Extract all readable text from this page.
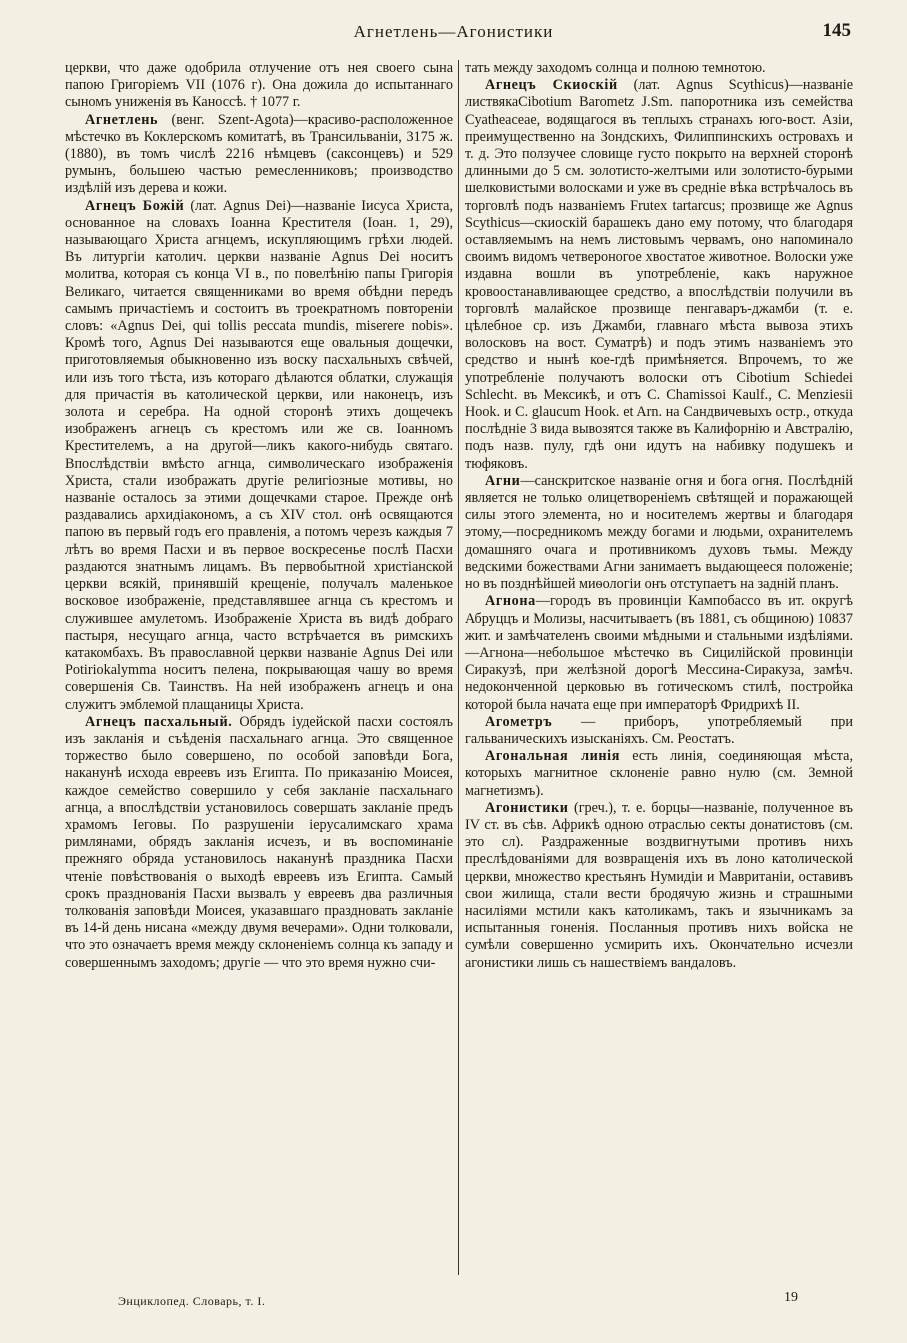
Агнетлень—Агонистики	145

церкви, что даже одобрила отлучение отъ нея своего сына папою Григорiемъ VII (1076 г). Она дожила до испытаннаго сыномъ униженiя въ Каноссѣ. † 1077 г.

Агнетлень (венг. Szent-Agota)—красиво-расположенное мѣстечко въ Коклерскомъ комитатѣ, въ Трансильванiи, 3175 ж. (1880), въ томъ числѣ 2216 нѣмцевъ (саксонцевъ) и 529 румынъ, большею частью ремесленниковъ; производство издѣлiй изъ дерева и кожи.

Агнецъ Божiй (лат. Agnus Dei)—названiе Iисуса Христа, основанное на словахъ Iоанна Крестителя (Iоан. 1, 29), называющаго Христа агнцемъ, искупляющимъ грѣхи людей. Въ литургiи католич. церкви названiе Agnus Dei носитъ молитва, которая съ конца VI в., по повелѣнiю папы Григорiя Великаго, читается священниками во время обѣдни передъ самымъ причастiемъ и состоитъ въ троекратномъ повторенiи словъ: «Agnus Dei, qui tollis peccata mundis, miserere nobis». Кромѣ того, Agnus Dei называются еще овальныя дощечки, приготовляемыя обыкновенно изъ воску пасхальныхъ свѣчей, или изъ того тѣста, изъ котораго дѣлаются облатки, служащiя для причастiя въ католической церкви, или наконецъ, изъ золота и серебра. На одной сторонѣ этихъ дощечекъ изображенъ агнецъ съ крестомъ или же св. Iоанномъ Крестителемъ, а на другой—ликъ какого-нибудь святаго. Впослѣдствiи вмѣсто агнца, символическаго изображенiя Христа, стали изображать другiе религiозные мотивы, но названiе осталось за этими дощечками старое. Прежде онѣ раздавались архидiакономъ, а съ XIV стол. онѣ освящаются папою въ первый годъ его правленiя, а потомъ черезъ каждыя 7 лѣтъ во время Пасхи и въ первое воскресенье послѣ Пасхи раздаются знатнымъ лицамъ. Въ первобытной христiанской церкви всякiй, принявшiй крещенiе, получалъ маленькое восковое изображенiе, представлявшее агнца съ крестомъ и служившее амулетомъ. Изображенiе Христа въ видѣ добраго пастыря, несущаго агнца, часто встрѣчается въ римскихъ катакомбахъ. Въ православной церкви названiе Agnus Dei или Potiriokalymma носитъ пелена, покрывающая чашу во время совершенiя Св. Таинствъ. На ней изображенъ агнецъ и она служитъ эмблемой плащаницы Христа.

Агнецъ пасхальный. Обрядъ iудейской пасхи состоялъ изъ закланiя и съѣденiя пасхальнаго агнца. Это священное торжество было совершено, по особой заповѣди Бога, наканунѣ исхода евреевъ изъ Египта. По приказанiю Моисея, каждое семейство совершило у себя закланiе пасхальнаго агнца, а впослѣдствiи установилось совершать закланiе предъ храмомъ Iеговы. По разрушенiи iерусалимскаго храма римлянами, обрядъ закланiя исчезъ, и въ воспоминанiе прежняго обряда установилось наканунѣ праздника Пасхи чтенiе повѣствованiя о выходѣ евреевъ изъ Египта. Самый срокъ празднованiя Пасхи вызвалъ у евреевъ два различныя толкованiя заповѣди Моисея, указавшаго праздновать закланiе въ 14-й день нисана «между двумя вечерами». Одни толковали, что это означаетъ время между склоненiемъ солнца къ западу и совершеннымъ заходомъ; другiе — что это время нужно счи-

тать между заходомъ солнца и полною темнотою.

Агнецъ Скиоскiй (лат. Agnus Scythicus)—названiе листвякаCibotium Barometz J.Sm. папоротника изъ семейства Cyatheaceae, водящагося въ теплыхъ странахъ юго-вост. Азiи, преимущественно на Зондскихъ, Филиппинскихъ островахъ и т. д. Это ползучее словище густо покрыто на верхней сторонѣ длинными до 5 см. золотисто-желтыми или золотисто-бурыми шелковистыми волосками и уже въ среднiе вѣка встрѣчалось въ торговлѣ подъ названiемъ Frutex tartarcus; прозвище же Agnus Scythicus—скиоскiй барашекъ дано ему потому, что благодаря оставляемымъ на немъ листовымъ червамъ, оно напоминало своимъ видомъ четвероногое хвостатое животное. Волоски уже издавна вошли въ употребленiе, какъ наружное кровоостанавливающее средство, а впослѣдствiи получили въ торговлѣ малайское прозвище пенгаваръ-джамби (т. е. цѣлебное ср. изъ Джамби, главнаго мѣста вывоза этихъ волосковъ на вост. Суматрѣ) и подъ этимъ названiемъ это средство и нынѣ кое-гдѣ примѣняется. Впрочемъ, то же употребленiе получаютъ волоски отъ Cibotium Schiedei Schlecht. въ Мексикѣ, и отъ C. Chamissoi Kaulf., C. Menziesii Hook. и C. glaucum Hook. et Arn. на Сандвичевыхъ остр., откуда послѣднiе 3 вида вывозятся также въ Калифорнiю и Австралiю, подъ назв. пулу, гдѣ они идутъ на набивку подушекъ и тюфяковъ.

Агни—санскритское названiе огня и бога огня. Послѣднiй является не только олицетворенiемъ свѣтящей и поражающей силы этого элемента, но и носителемъ жертвы и благодаря этому,—посредникомъ между богами и людьми, охранителемъ домашняго очага и противникомъ духовъ тьмы. Между ведскими божествами Агни занимаетъ выдающееся положенiе; но въ позднѣйшей миѳологiи онъ отступаетъ на заднiй планъ.

Агнона—городъ въ провинцiи Кампобассо въ ит. округѣ Абруццъ и Молизы, насчитываетъ (въ 1881, съ общиною) 10837 жит. и замѣчателенъ своими мѣдными и стальными издѣлiями.—Агнона—небольшое мѣстечко въ Сицилiйской провинцiи Сиракузѣ, при желѣзной дорогѣ Мессина-Сиракуза, замѣч. недоконченной церковью въ готическомъ стилѣ, постройка которой была начата еще при императорѣ Фридрихѣ II.

Агометръ — приборъ, употребляемый при гальваническихъ изысканiяхъ. См. Реостатъ.

Агональная линiя есть линiя, соединяющая мѣста, которыхъ магнитное склоненiе равно нулю (см. Земной магнетизмъ).

Агонистики (греч.), т. е. борцы—названiе, полученное въ IV ст. въ сѣв. Африкѣ одною отраслью секты донатистовъ (см. это сл). Раздраженные воздвигнутыми противъ нихъ преслѣдованiями для возвращенiя ихъ въ лоно католической церкви, множество крестьянъ Нумидiи и Мавританiи, оставивъ свои жилища, стали вести бродячую жизнь и страшными насилiями мстили какъ католикамъ, такъ и язычникамъ за испытанныя гоненiя. Посланныя противъ нихъ войска не сумѣли совершенно усмирить ихъ. Окончательно исчезли агонистики лишь съ нашествiемъ вандаловъ.

Энциклопед. Словарь, т. I.	19
